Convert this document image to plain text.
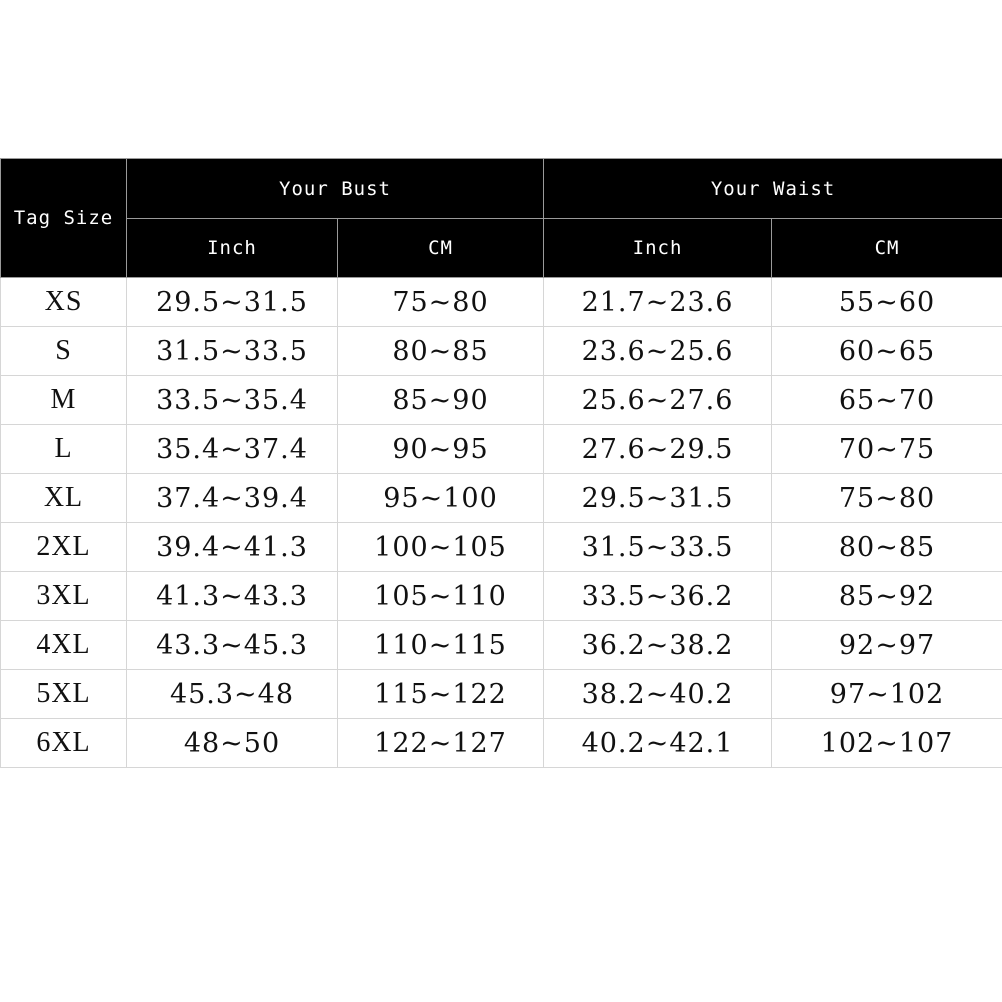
Tag Size	Your Bust		Your Waist	
	Inch	CM	Inch	CM
XS	29.5~31.5	75~80	21.7~23.6	55~60
S	31.5~33.5	80~85	23.6~25.6	60~65
M	33.5~35.4	85~90	25.6~27.6	65~70
L	35.4~37.4	90~95	27.6~29.5	70~75
XL	37.4~39.4	95~100	29.5~31.5	75~80
2XL	39.4~41.3	100~105	31.5~33.5	80~85
3XL	41.3~43.3	105~110	33.5~36.2	85~92
4XL	43.3~45.3	110~115	36.2~38.2	92~97
5XL	45.3~48	115~122	38.2~40.2	97~102
6XL	48~50	122~127	40.2~42.1	102~107
